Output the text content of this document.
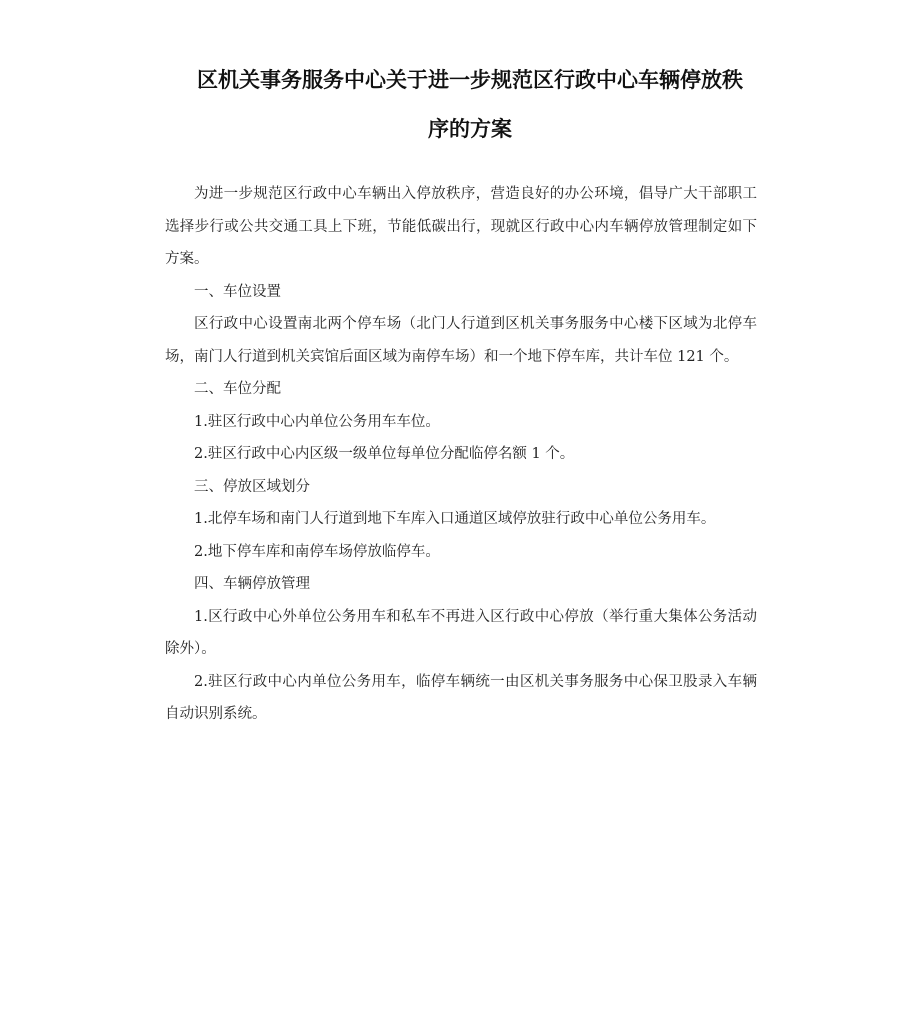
区机关事务服务中心关于进一步规范区行政中心车辆停放秩
序的方案

为进一步规范区行政中心车辆出入停放秩序，营造良好的办公环境，倡导广大干部职工选择步行或公共交通工具上下班，节能低碳出行，现就区行政中心内车辆停放管理制定如下方案。

一、车位设置

区行政中心设置南北两个停车场（北门人行道到区机关事务服务中心楼下区域为北停车场，南门人行道到机关宾馆后面区域为南停车场）和一个地下停车库，共计车位 121 个。

二、车位分配

1.驻区行政中心内单位公务用车车位。

2.驻区行政中心内区级一级单位每单位分配临停名额 1 个。

三、停放区域划分

1.北停车场和南门人行道到地下车库入口通道区域停放驻行政中心单位公务用车。

2.地下停车库和南停车场停放临停车。

四、车辆停放管理

1.区行政中心外单位公务用车和私车不再进入区行政中心停放（举行重大集体公务活动除外）。

2.驻区行政中心内单位公务用车，临停车辆统一由区机关事务服务中心保卫股录入车辆自动识别系统。
